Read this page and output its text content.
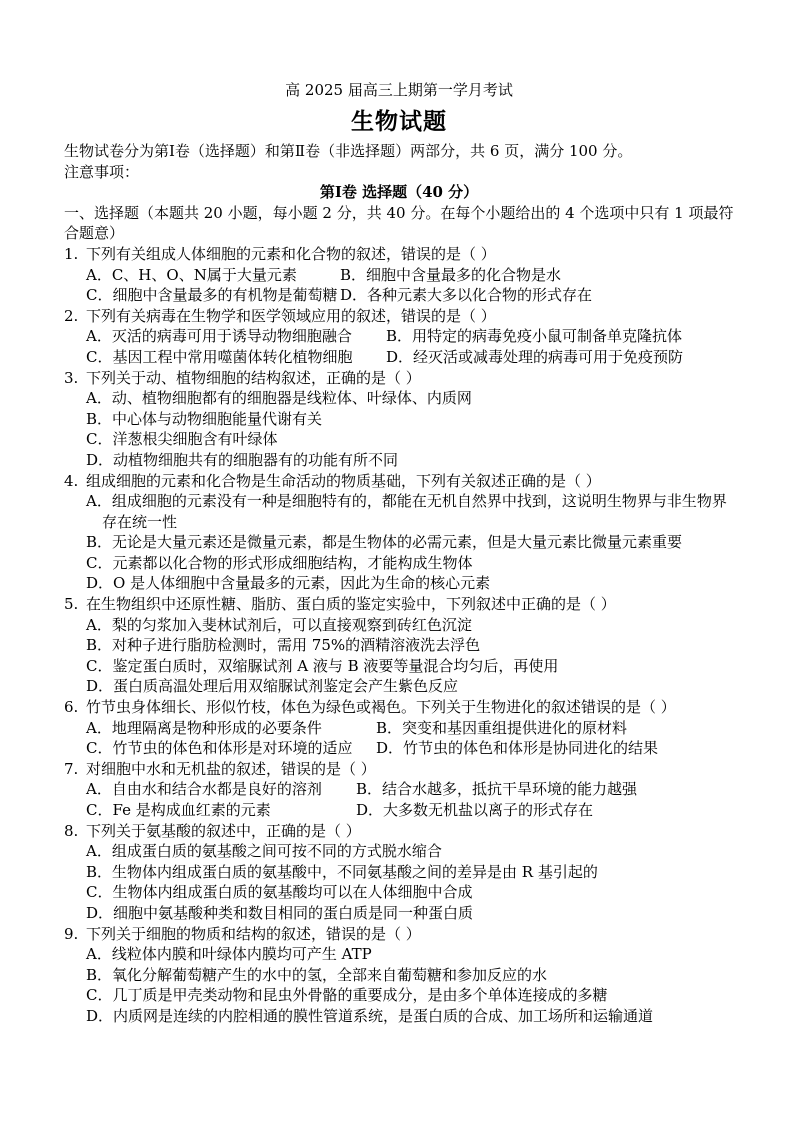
高 2025 届高三上期第一学月考试
生物试题
生物试卷分为第Ⅰ卷（选择题）和第Ⅱ卷（非选择题）两部分，共 6 页，满分 100 分。
注意事项：
第Ⅰ卷 选择题（40 分）
一、选择题（本题共 20 小题，每小题 2 分，共 40 分。在每个小题给出的 4 个选项中只有 1 项最符合题意）
1. 下列有关组成人体细胞的元素和化合物的叙述，错误的是（ ）
A．C、H、O、N属于大量元素	B．细胞中含量最多的化合物是水
C．细胞中含量最多的有机物是葡萄糖 D．各种元素大多以化合物的形式存在
2. 下列有关病毒在生物学和医学领域应用的叙述，错误的是（ ）
A．灭活的病毒可用于诱导动物细胞融合	B．用特定的病毒免疫小鼠可制备单克隆抗体
C．基因工程中常用噬菌体转化植物细胞	D．经灭活或减毒处理的病毒可用于免疫预防
3. 下列关于动、植物细胞的结构叙述，正确的是（ ）
A．动、植物细胞都有的细胞器是线粒体、叶绿体、内质网
B．中心体与动物细胞能量代谢有关
C．洋葱根尖细胞含有叶绿体
D．动植物细胞共有的细胞器有的功能有所不同
4. 组成细胞的元素和化合物是生命活动的物质基础，下列有关叙述正确的是（ ）
A．组成细胞的元素没有一种是细胞特有的，都能在无机自然界中找到，这说明生物界与非生物界存在统一性
B．无论是大量元素还是微量元素，都是生物体的必需元素，但是大量元素比微量元素重要
C．元素都以化合物的形式形成细胞结构，才能构成生物体
D．O 是人体细胞中含量最多的元素，因此为生命的核心元素
5. 在生物组织中还原性糖、脂肪、蛋白质的鉴定实验中，下列叙述中正确的是（ ）
A．梨的匀浆加入斐林试剂后，可以直接观察到砖红色沉淀
B．对种子进行脂肪检测时，需用 75%的酒精溶液洗去浮色
C．鉴定蛋白质时，双缩脲试剂 A 液与 B 液要等量混合均匀后，再使用
D．蛋白质高温处理后用双缩脲试剂鉴定会产生紫色反应
6. 竹节虫身体细长、形似竹枝，体色为绿色或褐色。下列关于生物进化的叙述错误的是（ ）
A．地理隔离是物种形成的必要条件	B．突变和基因重组提供进化的原材料
C．竹节虫的体色和体形是对环境的适应	D．竹节虫的体色和体形是协同进化的结果
7. 对细胞中水和无机盐的叙述，错误的是（ ）
A．自由水和结合水都是良好的溶剂	B．结合水越多，抵抗干旱环境的能力越强
C．Fe 是构成血红素的元素	D．大多数无机盐以离子的形式存在
8. 下列关于氨基酸的叙述中，正确的是（ ）
A．组成蛋白质的氨基酸之间可按不同的方式脱水缩合
B．生物体内组成蛋白质的氨基酸中，不同氨基酸之间的差异是由 R 基引起的
C．生物体内组成蛋白质的氨基酸均可以在人体细胞中合成
D．细胞中氨基酸种类和数目相同的蛋白质是同一种蛋白质
9. 下列关于细胞的物质和结构的叙述，错误的是（ ）
A．线粒体内膜和叶绿体内膜均可产生 ATP
B．氧化分解葡萄糖产生的水中的氢，全部来自葡萄糖和参加反应的水
C．几丁质是甲壳类动物和昆虫外骨骼的重要成分，是由多个单体连接成的多糖
D．内质网是连续的内腔相通的膜性管道系统，是蛋白质的合成、加工场所和运输通道
